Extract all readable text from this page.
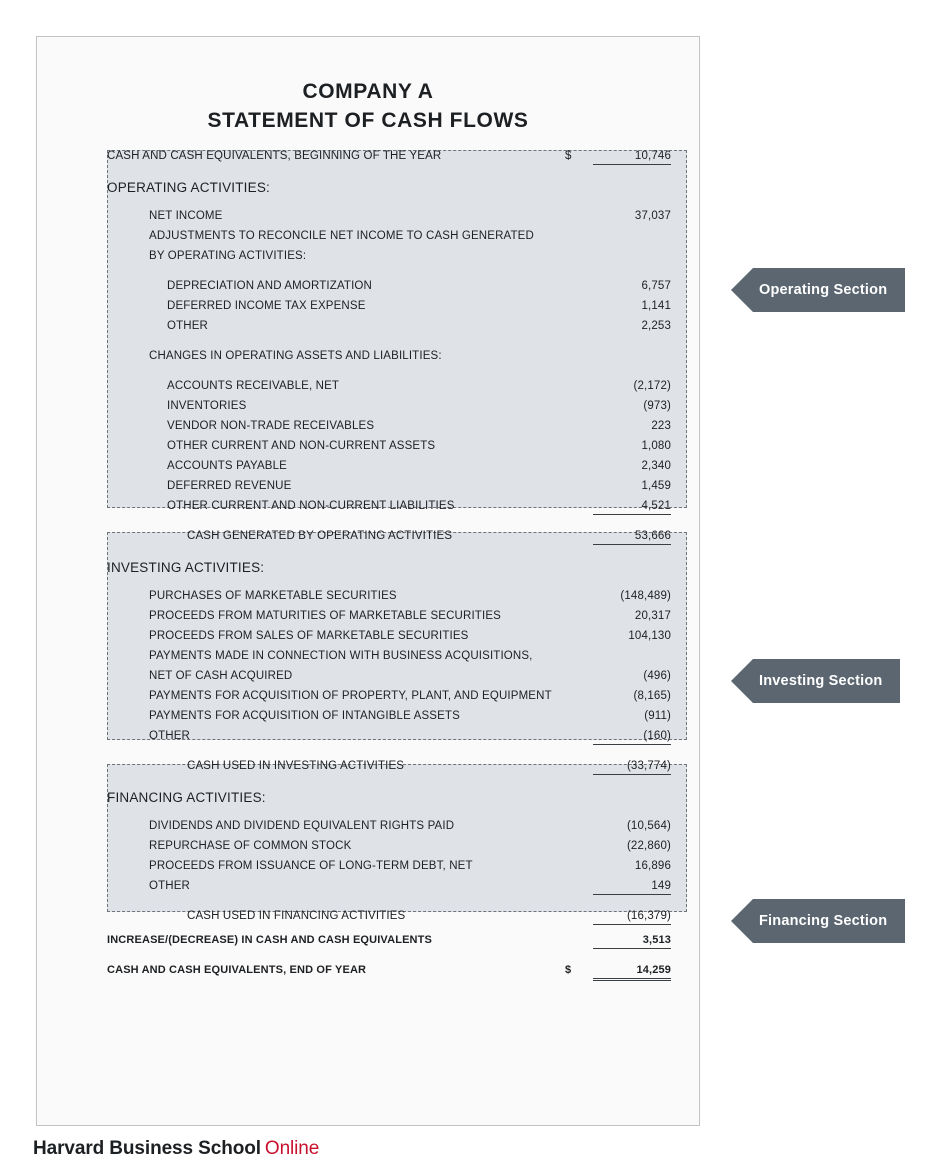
COMPANY A
STATEMENT OF CASH FLOWS
CASH AND CASH EQUIVALENTS, BEGINNING OF THE YEAR	$	10,746
OPERATING ACTIVITIES:
NET INCOME	37,037
ADJUSTMENTS TO RECONCILE NET INCOME TO CASH GENERATED
BY OPERATING ACTIVITIES:
DEPRECIATION AND AMORTIZATION	6,757
DEFERRED INCOME TAX EXPENSE	1,141
OTHER	2,253
CHANGES IN OPERATING ASSETS AND LIABILITIES:
ACCOUNTS RECEIVABLE, NET	(2,172)
INVENTORIES	(973)
VENDOR NON-TRADE RECEIVABLES	223
OTHER CURRENT AND NON-CURRENT ASSETS	1,080
ACCOUNTS PAYABLE	2,340
DEFERRED REVENUE	1,459
OTHER CURRENT AND NON-CURRENT LIABILITIES	4,521
CASH GENERATED BY OPERATING ACTIVITIES	53,666
INVESTING ACTIVITIES:
PURCHASES OF MARKETABLE SECURITIES	(148,489)
PROCEEDS FROM MATURITIES OF MARKETABLE SECURITIES	20,317
PROCEEDS FROM SALES OF MARKETABLE SECURITIES	104,130
PAYMENTS MADE IN CONNECTION WITH BUSINESS ACQUISITIONS,
NET OF CASH ACQUIRED	(496)
PAYMENTS FOR ACQUISITION OF PROPERTY, PLANT, AND EQUIPMENT	(8,165)
PAYMENTS FOR ACQUISITION OF INTANGIBLE ASSETS	(911)
OTHER	(160)
CASH USED IN INVESTING ACTIVITIES	(33,774)
FINANCING ACTIVITIES:
DIVIDENDS AND DIVIDEND EQUIVALENT RIGHTS PAID	(10,564)
REPURCHASE OF COMMON STOCK	(22,860)
PROCEEDS FROM ISSUANCE OF LONG-TERM DEBT, NET	16,896
OTHER	149
CASH USED IN FINANCING ACTIVITIES	(16,379)
INCREASE/(DECREASE) IN CASH AND CASH EQUIVALENTS	3,513
CASH AND CASH EQUIVALENTS, END OF YEAR	$	14,259
Operating Section
Investing Section
Financing Section
Harvard Business School Online
